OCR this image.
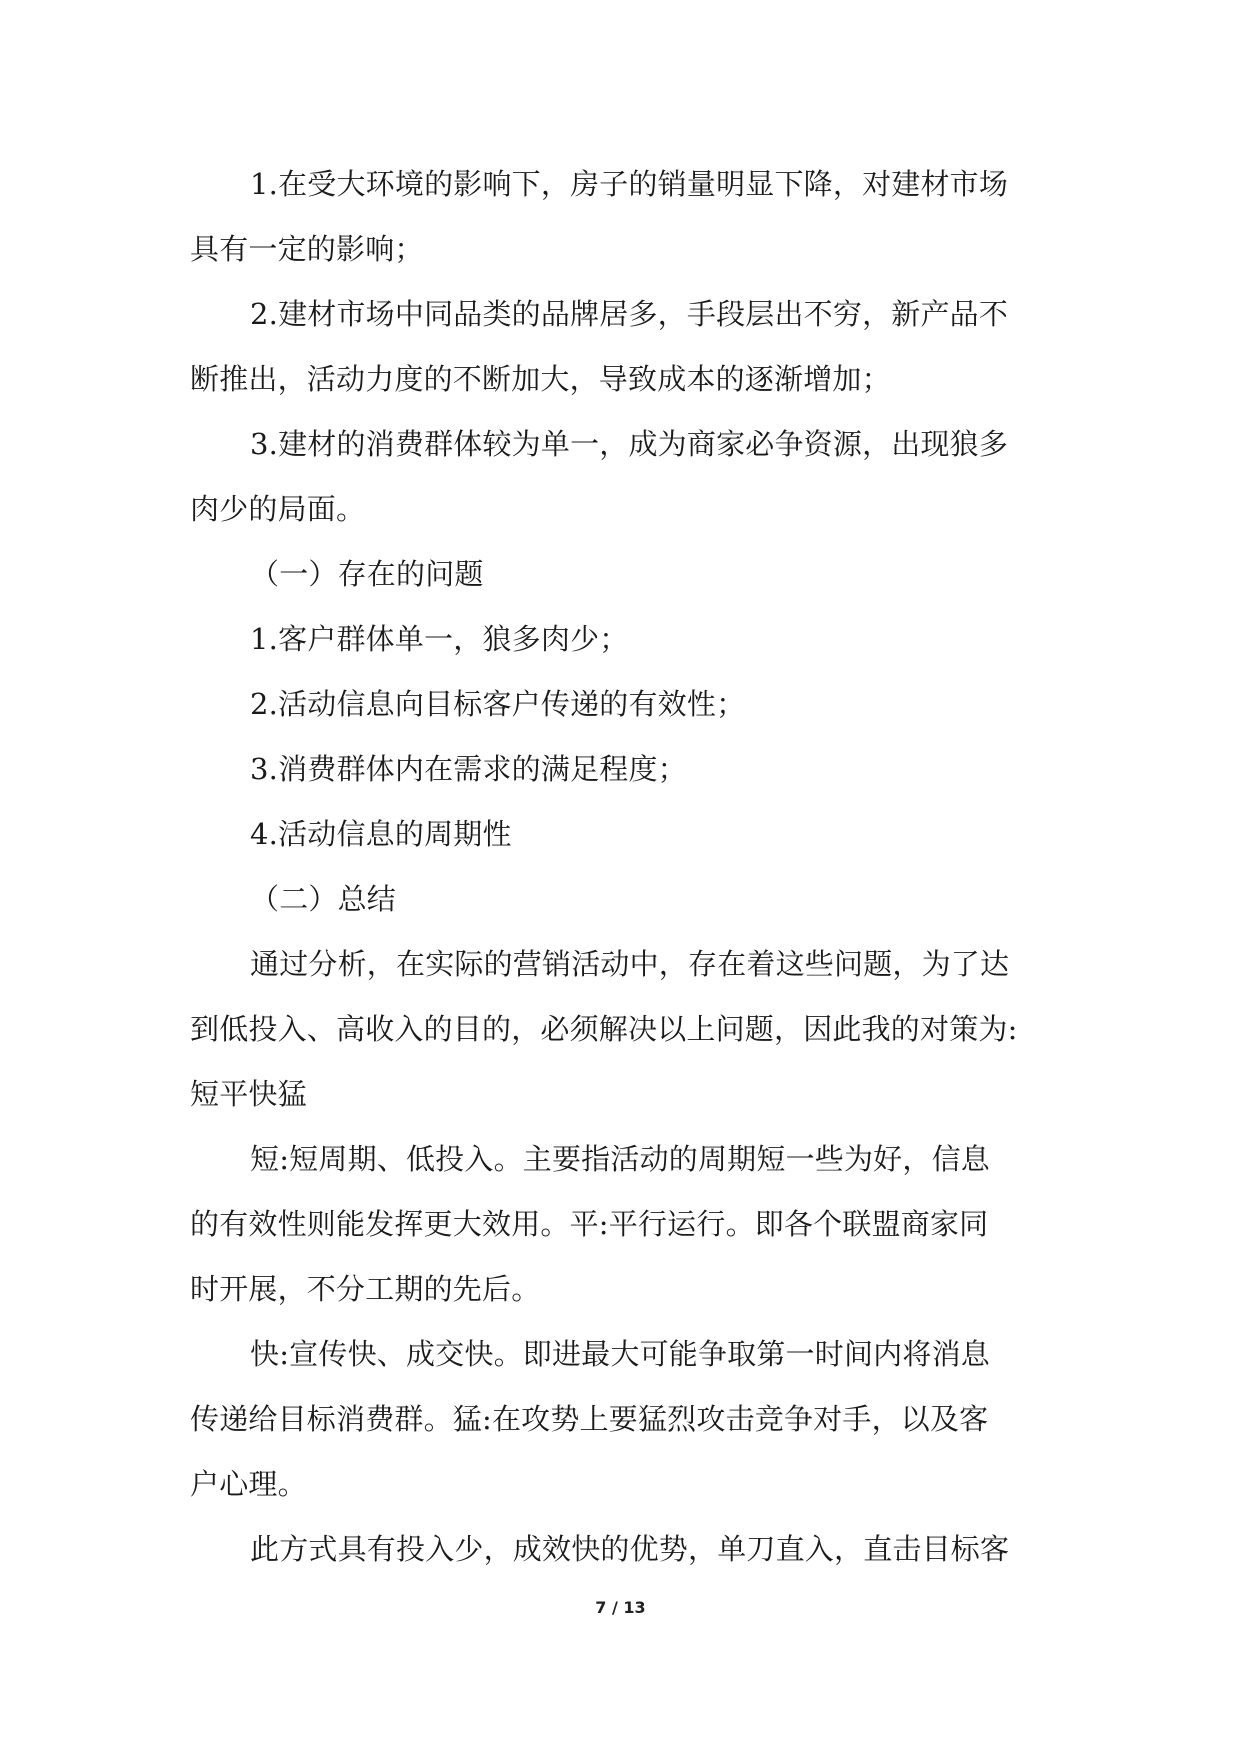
1.在受大环境的影响下，房子的销量明显下降，对建材市场
具有一定的影响；
2.建材市场中同品类的品牌居多，手段层出不穷，新产品不
断推出，活动力度的不断加大，导致成本的逐渐增加；
3.建材的消费群体较为单一，成为商家必争资源，出现狼多
肉少的局面。
（一）存在的问题
1.客户群体单一，狼多肉少；
2.活动信息向目标客户传递的有效性；
3.消费群体内在需求的满足程度；
4.活动信息的周期性
（二）总结
通过分析，在实际的营销活动中，存在着这些问题，为了达
到低投入、高收入的目的，必须解决以上问题，因此我的对策为:
短平快猛
短:短周期、低投入。主要指活动的周期短一些为好，信息
的有效性则能发挥更大效用。平:平行运行。即各个联盟商家同
时开展，不分工期的先后。
快:宣传快、成交快。即进最大可能争取第一时间内将消息
传递给目标消费群。猛:在攻势上要猛烈攻击竞争对手，以及客
户心理。
此方式具有投入少，成效快的优势，单刀直入，直击目标客
7 / 13
